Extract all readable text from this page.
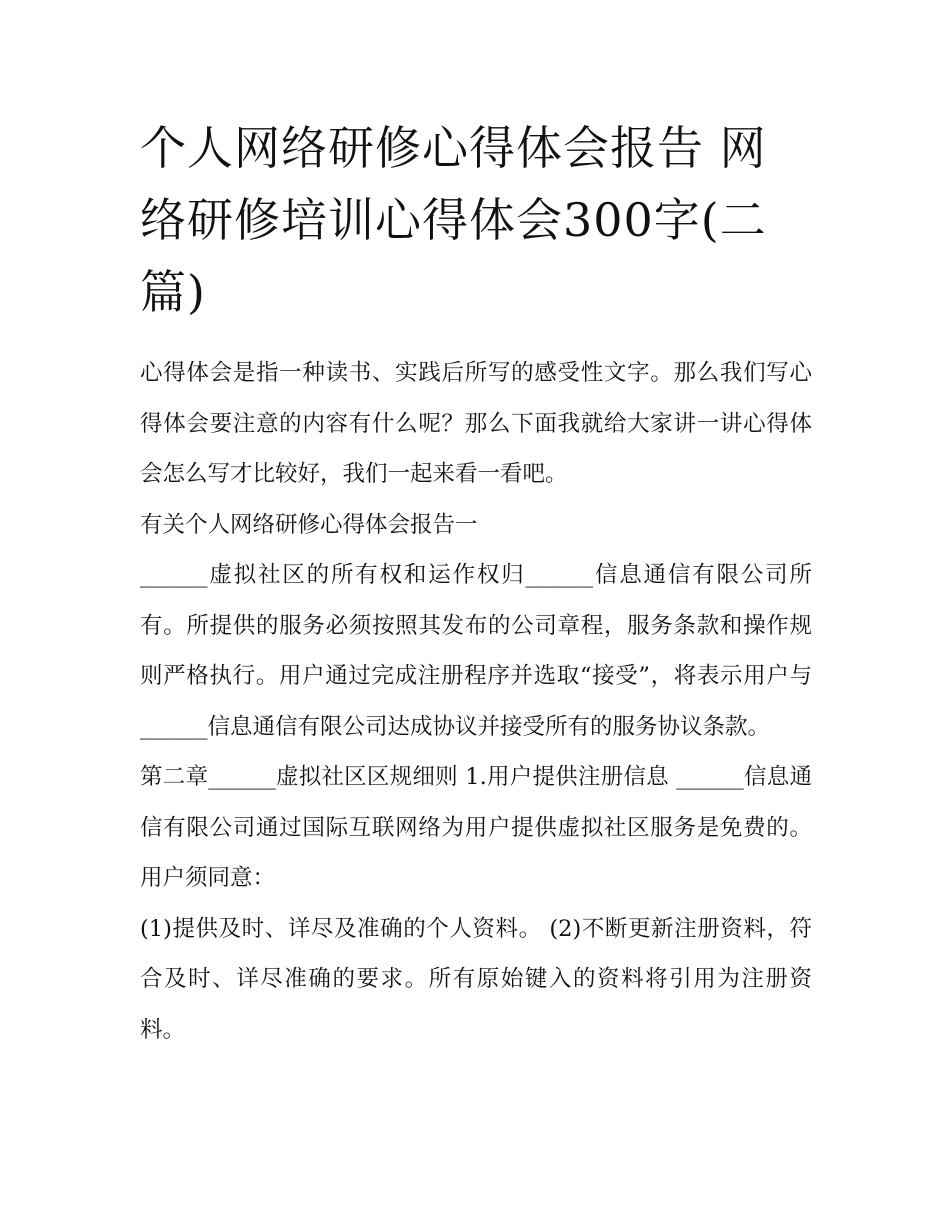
个人网络研修心得体会报告 网络研修培训心得体会300字(二篇)

心得体会是指一种读书、实践后所写的感受性文字。那么我们写心得体会要注意的内容有什么呢？那么下面我就给大家讲一讲心得体会怎么写才比较好，我们一起来看一看吧。

有关个人网络研修心得体会报告一

______虚拟社区的所有权和运作权归______信息通信有限公司所有。所提供的服务必须按照其发布的公司章程，服务条款和操作规则严格执行。用户通过完成注册程序并选取“接受”，将表示用户与______信息通信有限公司达成协议并接受所有的服务协议条款。

第二章______虚拟社区区规细则 1.用户提供注册信息 ______信息通信有限公司通过国际互联网络为用户提供虚拟社区服务是免费的。用户须同意：

(1)提供及时、详尽及准确的个人资料。 (2)不断更新注册资料，符合及时、详尽准确的要求。所有原始键入的资料将引用为注册资料。
